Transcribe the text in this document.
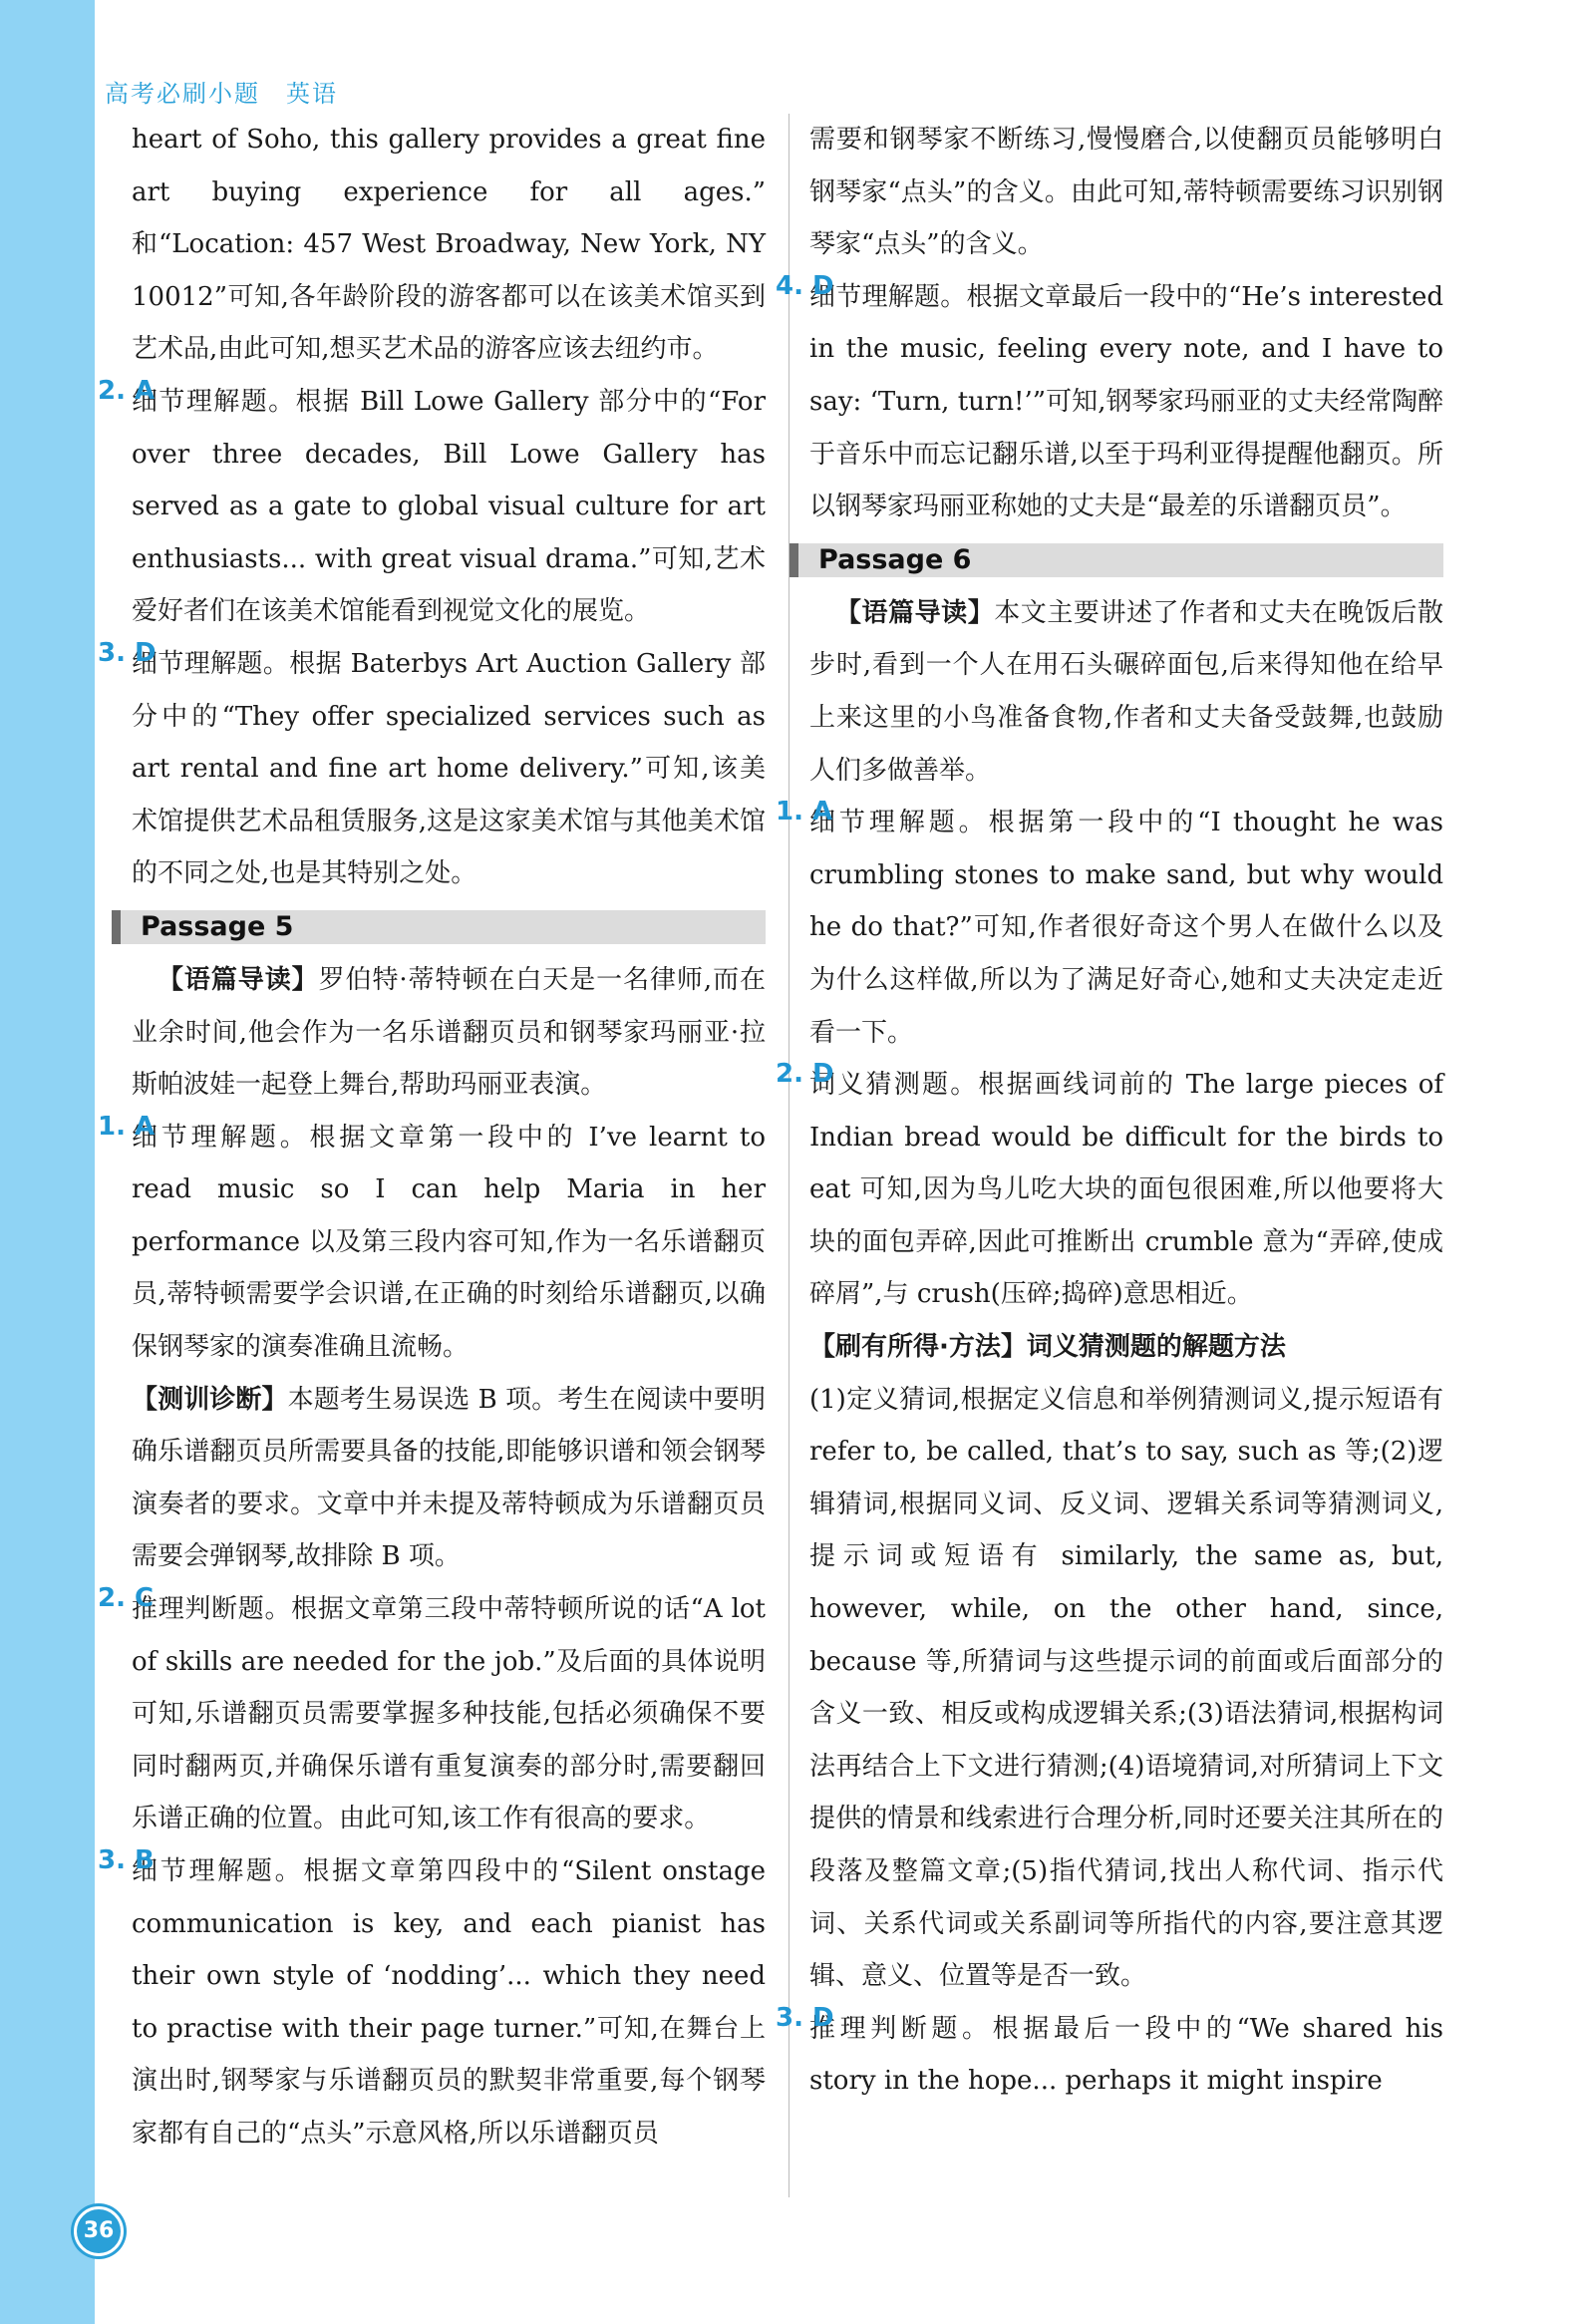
高考必刷小题 英语

heart of Soho, this gallery provides a great fine art buying experience for all ages.” 和“Location: 457 West Broadway, New York, NY 10012”可知,各年龄阶段的游客都可以在该美术馆买到艺术品,由此可知,想买艺术品的游客应该去纽约市。

2. A

细节理解题。根据 Bill Lowe Gallery 部分中的“For over three decades, Bill Lowe Gallery has served as a gate to global visual culture for art enthusiasts... with great visual drama.”可知,艺术爱好者们在该美术馆能看到视觉文化的展览。

3. D

细节理解题。根据 Baterbys Art Auction Gallery 部分中的“They offer specialized services such as art rental and fine art home delivery.”可知,该美术馆提供艺术品租赁服务,这是这家美术馆与其他美术馆的不同之处,也是其特别之处。

Passage 5

【语篇导读】罗伯特·蒂特顿在白天是一名律师,而在业余时间,他会作为一名乐谱翻页员和钢琴家玛丽亚·拉斯帕波娃一起登上舞台,帮助玛丽亚表演。

1. A

细节理解题。根据文章第一段中的 I’ve learnt to read music so I can help Maria in her performance 以及第三段内容可知,作为一名乐谱翻页员,蒂特顿需要学会识谱,在正确的时刻给乐谱翻页,以确保钢琴家的演奏准确且流畅。

【测训诊断】本题考生易误选 B 项。考生在阅读中要明确乐谱翻页员所需要具备的技能,即能够识谱和领会钢琴演奏者的要求。文章中并未提及蒂特顿成为乐谱翻页员需要会弹钢琴,故排除 B 项。

2. C

推理判断题。根据文章第三段中蒂特顿所说的话“A lot of skills are needed for the job.”及后面的具体说明可知,乐谱翻页员需要掌握多种技能,包括必须确保不要同时翻两页,并确保乐谱有重复演奏的部分时,需要翻回乐谱正确的位置。由此可知,该工作有很高的要求。

3. B

细节理解题。根据文章第四段中的“Silent onstage communication is key, and each pianist has their own style of ‘nodding’... which they need to practise with their page turner.”可知,在舞台上演出时,钢琴家与乐谱翻页员的默契非常重要,每个钢琴家都有自己的“点头”示意风格,所以乐谱翻页员

需要和钢琴家不断练习,慢慢磨合,以使翻页员能够明白钢琴家“点头”的含义。由此可知,蒂特顿需要练习识别钢琴家“点头”的含义。

4. D

细节理解题。根据文章最后一段中的“He’s interested in the music, feeling every note, and I have to say: ‘Turn, turn!’”可知,钢琴家玛丽亚的丈夫经常陶醉于音乐中而忘记翻乐谱,以至于玛利亚得提醒他翻页。所以钢琴家玛丽亚称她的丈夫是“最差的乐谱翻页员”。

Passage 6

【语篇导读】本文主要讲述了作者和丈夫在晚饭后散步时,看到一个人在用石头碾碎面包,后来得知他在给早上来这里的小鸟准备食物,作者和丈夫备受鼓舞,也鼓励人们多做善举。

1. A

细节理解题。根据第一段中的“I thought he was crumbling stones to make sand, but why would he do that?”可知,作者很好奇这个男人在做什么以及为什么这样做,所以为了满足好奇心,她和丈夫决定走近看一下。

2. D

词义猜测题。根据画线词前的 The large pieces of Indian bread would be difficult for the birds to eat 可知,因为鸟儿吃大块的面包很困难,所以他要将大块的面包弄碎,因此可推断出 crumble 意为“弄碎,使成碎屑”,与 crush(压碎;捣碎)意思相近。

【刷有所得·方法】词义猜测题的解题方法

(1)定义猜词,根据定义信息和举例猜测词义,提示短语有 refer to, be called, that’s to say, such as 等;(2)逻辑猜词,根据同义词、反义词、逻辑关系词等猜测词义,提示词或短语有 similarly, the same as, but, however, while, on the other hand, since, because 等,所猜词与这些提示词的前面或后面部分的含义一致、相反或构成逻辑关系;(3)语法猜词,根据构词法再结合上下文进行猜测;(4)语境猜词,对所猜词上下文提供的情景和线索进行合理分析,同时还要关注其所在的段落及整篇文章;(5)指代猜词,找出人称代词、指示代词、关系代词或关系副词等所指代的内容,要注意其逻辑、意义、位置等是否一致。

3. D

推理判断题。根据最后一段中的“We shared his story in the hope... perhaps it might inspire

36
